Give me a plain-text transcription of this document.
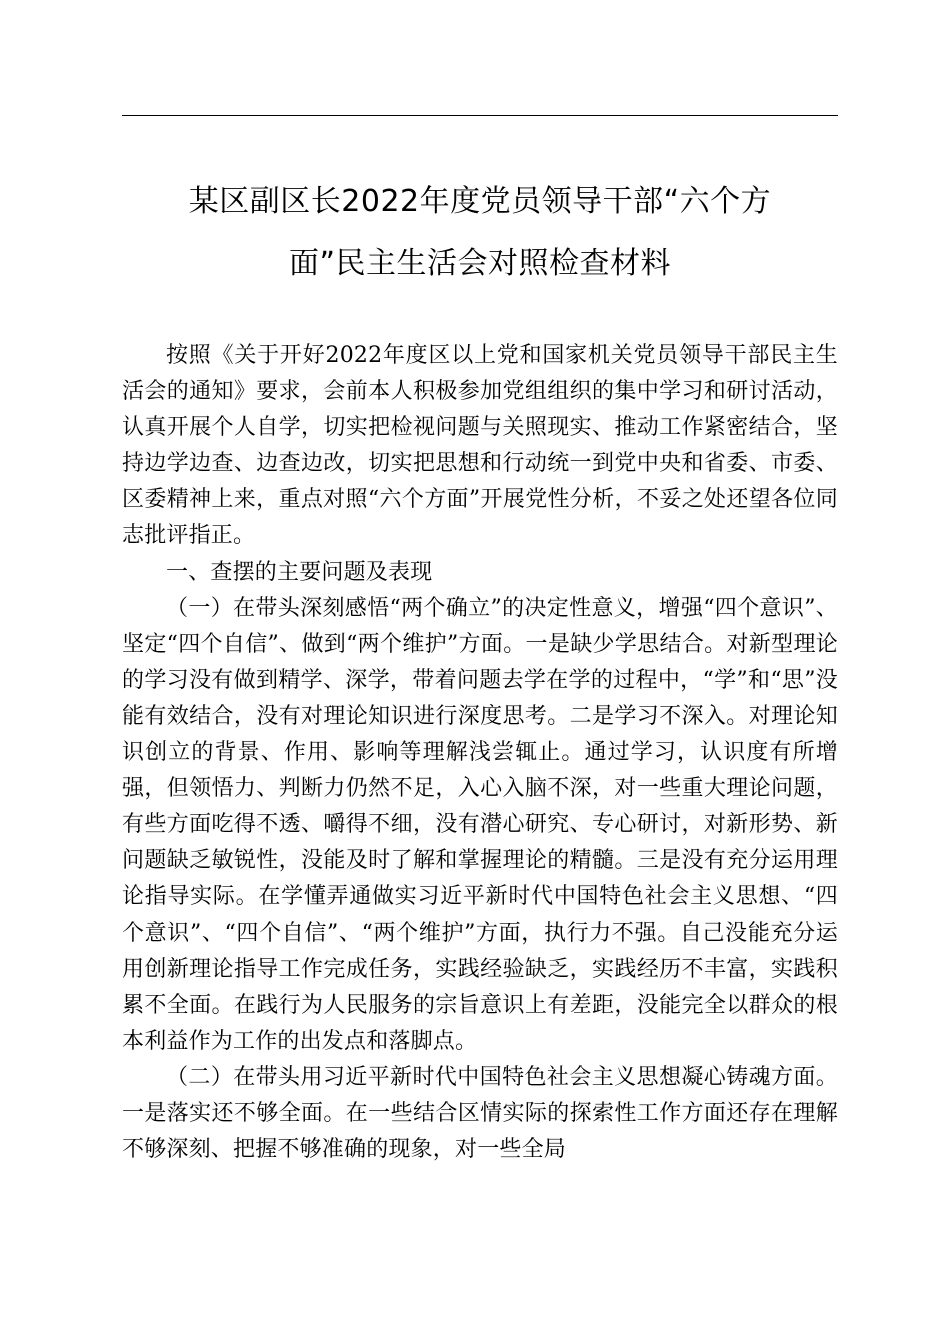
某区副区长2022年度党员领导干部“六个方
面”民主生活会对照检查材料

按照《关于开好2022年度区以上党和国家机关党员领导干部民主生活会的通知》要求，会前本人积极参加党组组织的集中学习和研讨活动，认真开展个人自学，切实把检视问题与关照现实、推动工作紧密结合，坚持边学边查、边查边改，切实把思想和行动统一到党中央和省委、市委、区委精神上来，重点对照“六个方面”开展党性分析，不妥之处还望各位同志批评指正。

一、查摆的主要问题及表现

（一）在带头深刻感悟“两个确立”的决定性意义，增强“四个意识”、坚定“四个自信”、做到“两个维护”方面。一是缺少学思结合。对新型理论的学习没有做到精学、深学，带着问题去学在学的过程中，“学”和“思”没能有效结合，没有对理论知识进行深度思考。二是学习不深入。对理论知识创立的背景、作用、影响等理解浅尝辄止。通过学习，认识度有所增强，但领悟力、判断力仍然不足，入心入脑不深，对一些重大理论问题，有些方面吃得不透、嚼得不细，没有潜心研究、专心研讨，对新形势、新问题缺乏敏锐性，没能及时了解和掌握理论的精髓。三是没有充分运用理论指导实际。在学懂弄通做实习近平新时代中国特色社会主义思想、“四个意识”、“四个自信”、“两个维护”方面，执行力不强。自己没能充分运用创新理论指导工作完成任务，实践经验缺乏，实践经历不丰富，实践积累不全面。在践行为人民服务的宗旨意识上有差距，没能完全以群众的根本利益作为工作的出发点和落脚点。

（二）在带头用习近平新时代中国特色社会主义思想凝心铸魂方面。一是落实还不够全面。在一些结合区情实际的探索性工作方面还存在理解不够深刻、把握不够准确的现象，对一些全局
